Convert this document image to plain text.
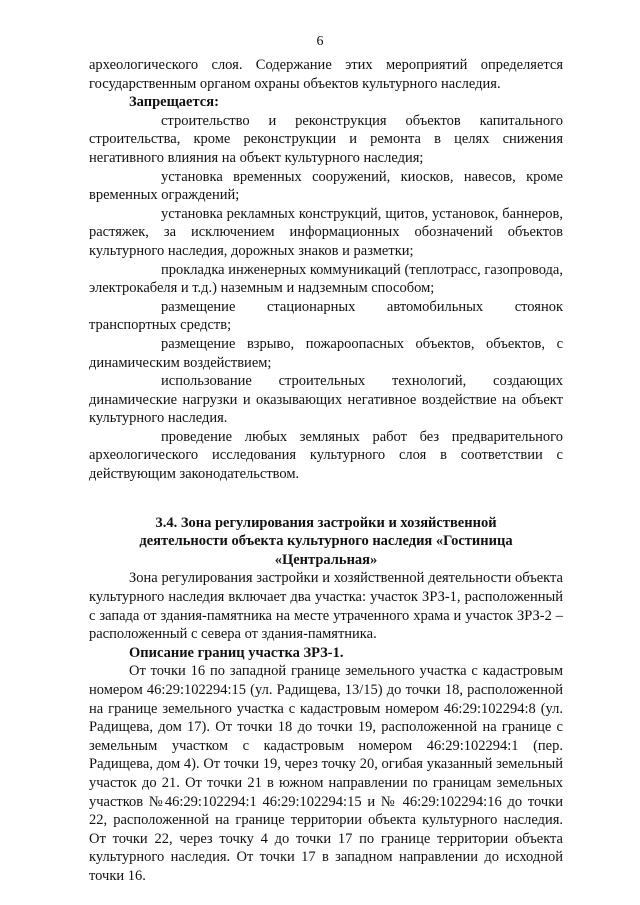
6

археологического слоя. Содержание этих мероприятий определяется государственным органом охраны объектов культурного наследия.

Запрещается:

строительство и реконструкция объектов капитального строительства, кроме реконструкции и ремонта в целях снижения негативного влияния на объект культурного наследия;

установка временных сооружений, киосков, навесов, кроме временных ограждений;

установка рекламных конструкций, щитов, установок, баннеров, растяжек, за исключением информационных обозначений объектов культурного наследия, дорожных знаков и разметки;

прокладка инженерных коммуникаций (теплотрасс, газопровода, электрокабеля и т.д.) наземным и надземным способом;

размещение стационарных автомобильных стоянок транспортных средств;

размещение взрыво, пожароопасных объектов, объектов, с динамическим воздействием;

использование строительных технологий, создающих динамические нагрузки и оказывающих негативное воздействие на объект культурного наследия.

проведение любых земляных работ без предварительного археологического исследования культурного слоя в соответствии с действующим законодательством.

3.4. Зона регулирования застройки и хозяйственной

деятельности объекта культурного наследия «Гостиница

«Центральная»

Зона регулирования застройки и хозяйственной деятельности объекта культурного наследия включает два участка: участок ЗРЗ-1, расположенный с запада от здания-памятника на месте утраченного храма и участок ЗРЗ-2 – расположенный с севера от здания-памятника.

Описание границ участка ЗРЗ-1.

От точки 16 по западной границе земельного участка с кадастровым номером 46:29:102294:15 (ул. Радищева, 13/15) до точки 18, расположенной на границе земельного участка с кадастровым номером 46:29:102294:8 (ул. Радищева, дом 17). От точки 18 до точки 19, расположенной на границе с земельным участком с кадастровым номером 46:29:102294:1 (пер. Радищева, дом 4). От точки 19, через точку 20, огибая указанный земельный участок до 21. От точки 21 в южном направлении по границам земельных участков №46:29:102294:1 46:29:102294:15 и № 46:29:102294:16 до точки 22, расположенной на границе территории объекта культурного наследия. От точки 22, через точку 4 до точки 17 по границе территории объекта культурного наследия. От точки 17 в западном направлении до исходной точки 16.
